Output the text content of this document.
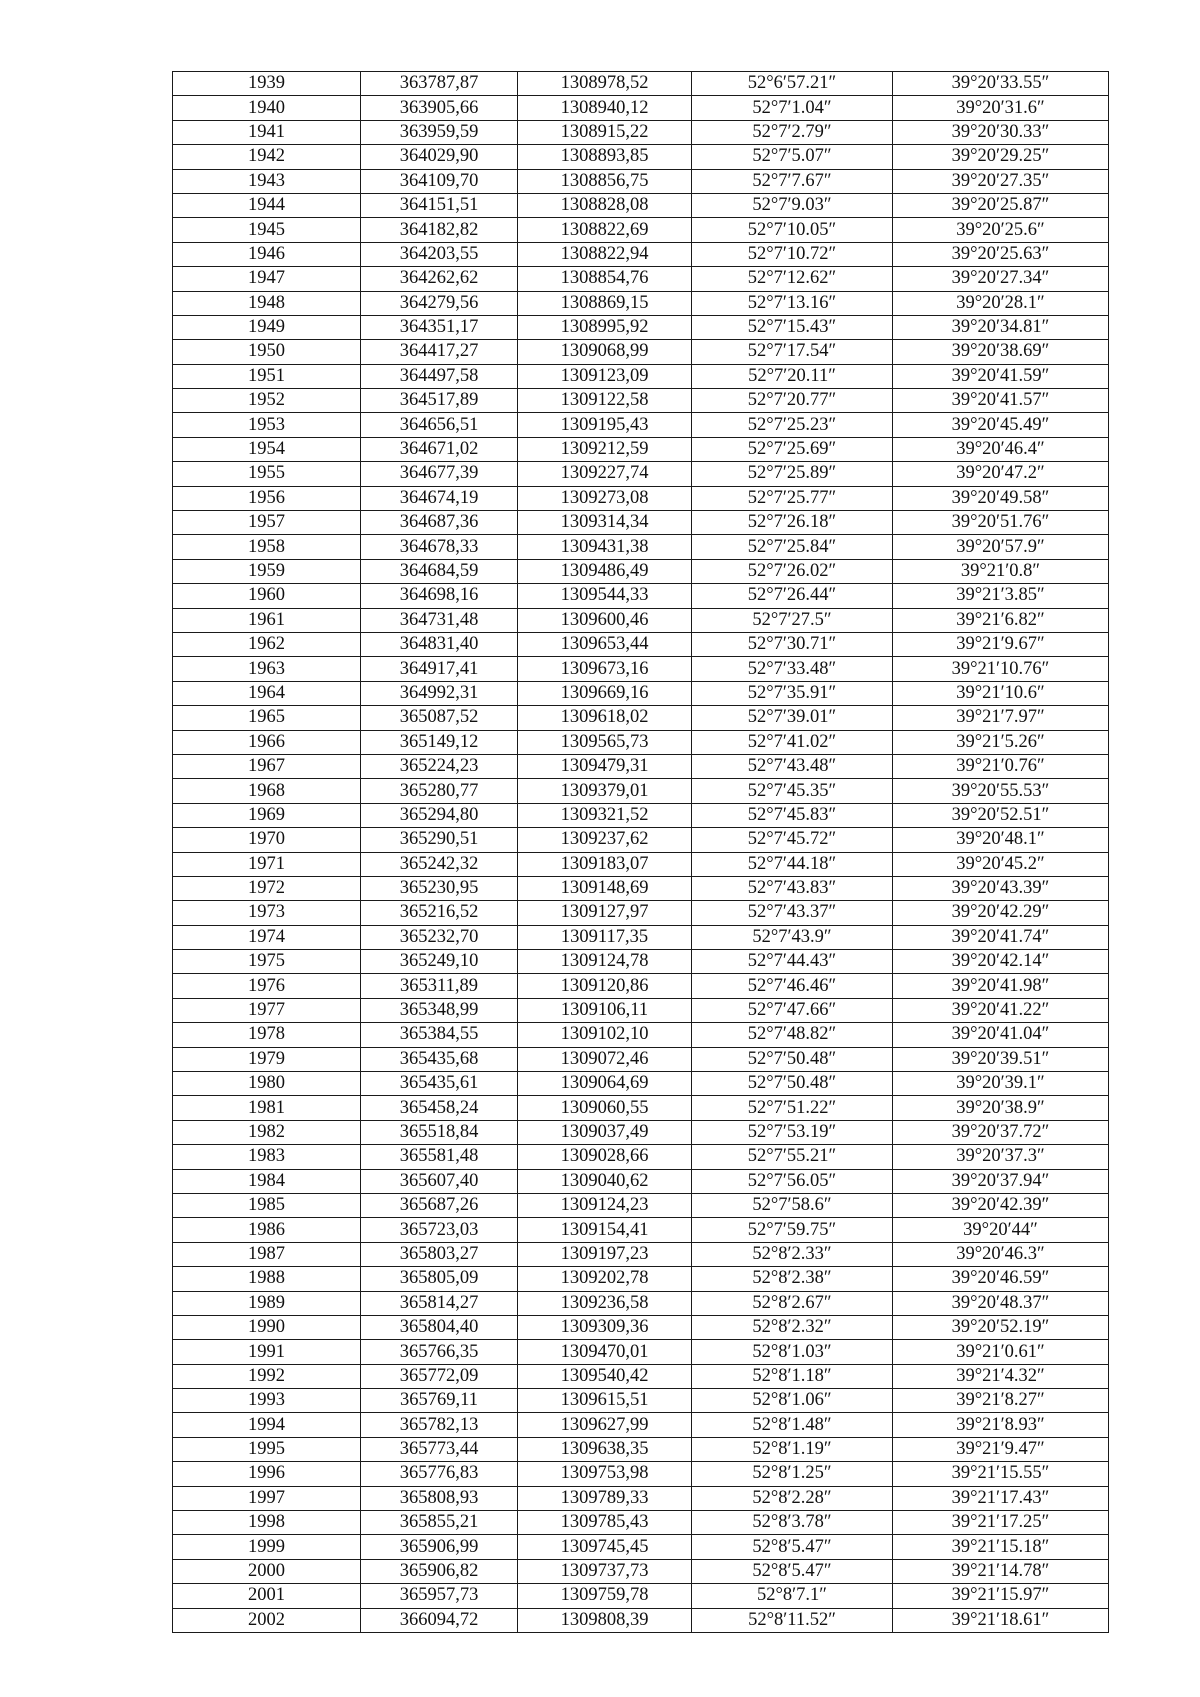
1939	363787,87	1308978,52	52°6′57.21″	39°20′33.55″
1940	363905,66	1308940,12	52°7′1.04″	39°20′31.6″
1941	363959,59	1308915,22	52°7′2.79″	39°20′30.33″
1942	364029,90	1308893,85	52°7′5.07″	39°20′29.25″
1943	364109,70	1308856,75	52°7′7.67″	39°20′27.35″
1944	364151,51	1308828,08	52°7′9.03″	39°20′25.87″
1945	364182,82	1308822,69	52°7′10.05″	39°20′25.6″
1946	364203,55	1308822,94	52°7′10.72″	39°20′25.63″
1947	364262,62	1308854,76	52°7′12.62″	39°20′27.34″
1948	364279,56	1308869,15	52°7′13.16″	39°20′28.1″
1949	364351,17	1308995,92	52°7′15.43″	39°20′34.81″
1950	364417,27	1309068,99	52°7′17.54″	39°20′38.69″
1951	364497,58	1309123,09	52°7′20.11″	39°20′41.59″
1952	364517,89	1309122,58	52°7′20.77″	39°20′41.57″
1953	364656,51	1309195,43	52°7′25.23″	39°20′45.49″
1954	364671,02	1309212,59	52°7′25.69″	39°20′46.4″
1955	364677,39	1309227,74	52°7′25.89″	39°20′47.2″
1956	364674,19	1309273,08	52°7′25.77″	39°20′49.58″
1957	364687,36	1309314,34	52°7′26.18″	39°20′51.76″
1958	364678,33	1309431,38	52°7′25.84″	39°20′57.9″
1959	364684,59	1309486,49	52°7′26.02″	39°21′0.8″
1960	364698,16	1309544,33	52°7′26.44″	39°21′3.85″
1961	364731,48	1309600,46	52°7′27.5″	39°21′6.82″
1962	364831,40	1309653,44	52°7′30.71″	39°21′9.67″
1963	364917,41	1309673,16	52°7′33.48″	39°21′10.76″
1964	364992,31	1309669,16	52°7′35.91″	39°21′10.6″
1965	365087,52	1309618,02	52°7′39.01″	39°21′7.97″
1966	365149,12	1309565,73	52°7′41.02″	39°21′5.26″
1967	365224,23	1309479,31	52°7′43.48″	39°21′0.76″
1968	365280,77	1309379,01	52°7′45.35″	39°20′55.53″
1969	365294,80	1309321,52	52°7′45.83″	39°20′52.51″
1970	365290,51	1309237,62	52°7′45.72″	39°20′48.1″
1971	365242,32	1309183,07	52°7′44.18″	39°20′45.2″
1972	365230,95	1309148,69	52°7′43.83″	39°20′43.39″
1973	365216,52	1309127,97	52°7′43.37″	39°20′42.29″
1974	365232,70	1309117,35	52°7′43.9″	39°20′41.74″
1975	365249,10	1309124,78	52°7′44.43″	39°20′42.14″
1976	365311,89	1309120,86	52°7′46.46″	39°20′41.98″
1977	365348,99	1309106,11	52°7′47.66″	39°20′41.22″
1978	365384,55	1309102,10	52°7′48.82″	39°20′41.04″
1979	365435,68	1309072,46	52°7′50.48″	39°20′39.51″
1980	365435,61	1309064,69	52°7′50.48″	39°20′39.1″
1981	365458,24	1309060,55	52°7′51.22″	39°20′38.9″
1982	365518,84	1309037,49	52°7′53.19″	39°20′37.72″
1983	365581,48	1309028,66	52°7′55.21″	39°20′37.3″
1984	365607,40	1309040,62	52°7′56.05″	39°20′37.94″
1985	365687,26	1309124,23	52°7′58.6″	39°20′42.39″
1986	365723,03	1309154,41	52°7′59.75″	39°20′44″
1987	365803,27	1309197,23	52°8′2.33″	39°20′46.3″
1988	365805,09	1309202,78	52°8′2.38″	39°20′46.59″
1989	365814,27	1309236,58	52°8′2.67″	39°20′48.37″
1990	365804,40	1309309,36	52°8′2.32″	39°20′52.19″
1991	365766,35	1309470,01	52°8′1.03″	39°21′0.61″
1992	365772,09	1309540,42	52°8′1.18″	39°21′4.32″
1993	365769,11	1309615,51	52°8′1.06″	39°21′8.27″
1994	365782,13	1309627,99	52°8′1.48″	39°21′8.93″
1995	365773,44	1309638,35	52°8′1.19″	39°21′9.47″
1996	365776,83	1309753,98	52°8′1.25″	39°21′15.55″
1997	365808,93	1309789,33	52°8′2.28″	39°21′17.43″
1998	365855,21	1309785,43	52°8′3.78″	39°21′17.25″
1999	365906,99	1309745,45	52°8′5.47″	39°21′15.18″
2000	365906,82	1309737,73	52°8′5.47″	39°21′14.78″
2001	365957,73	1309759,78	52°8′7.1″	39°21′15.97″
2002	366094,72	1309808,39	52°8′11.52″	39°21′18.61″
